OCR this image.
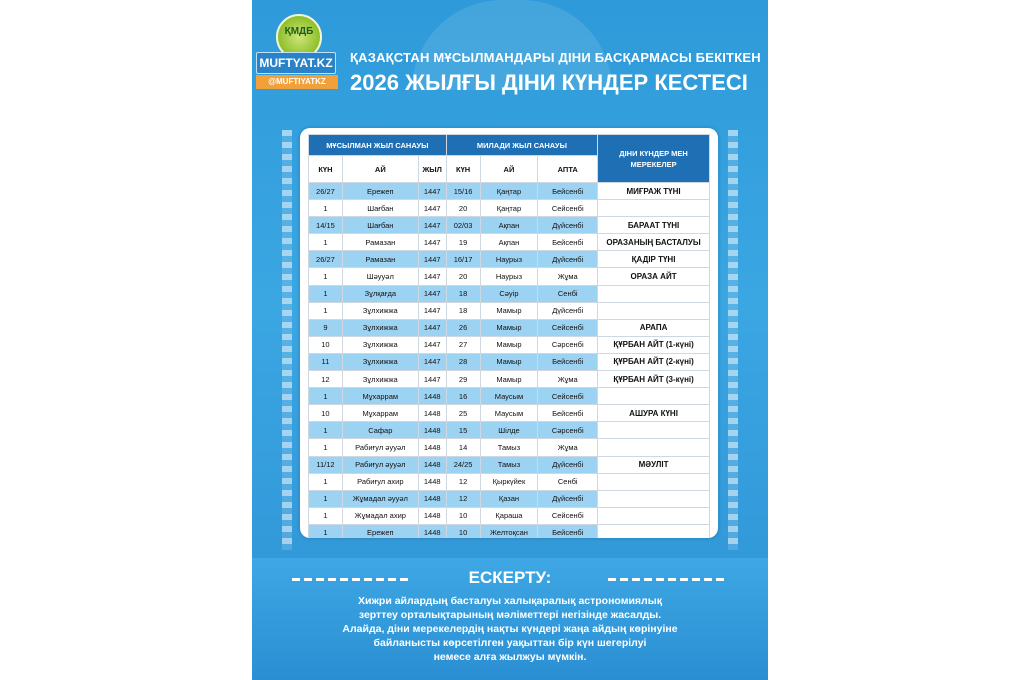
ҚМДБ
MUFTYAT.KZ
@MUFTIYATKZ
ҚАЗАҚСТАН МҰСЫЛМАНДАРЫ ДІНИ БАСҚАРМАСЫ БЕКІТКЕН
2026 ЖЫЛҒЫ ДІНИ КҮНДЕР КЕСТЕСІ
МҰСЫЛМАН ЖЫЛ САНАУЫ			МИЛАДИ ЖЫЛ САНАУЫ			ДІНИ КҮНДЕР МЕН МЕРЕКЕЛЕР
КҮН	АЙ	ЖЫЛ	КҮН	АЙ	АПТА	
26/27	Ережеп	1447	15/16	Қаңтар	Бейсенбі	МИҒРАЖ ТҮНІ
1	Шағбан	1447	20	Қаңтар	Сейсенбі	
14/15	Шағбан	1447	02/03	Ақпан	Дүйсенбі	БАРААТ ТҮНІ
1	Рамазан	1447	19	Ақпан	Бейсенбі	ОРАЗАНЫҢ БАСТАЛУЫ
26/27	Рамазан	1447	16/17	Наурыз	Дүйсенбі	ҚАДІР ТҮНІ
1	Шәууәл	1447	20	Наурыз	Жұма	ОРАЗА АЙТ
1	Зұлқағда	1447	18	Сәуір	Сенбі	
1	Зұлхижжа	1447	18	Мамыр	Дүйсенбі	
9	Зұлхижжа	1447	26	Мамыр	Сейсенбі	АРАПА
10	Зұлхижжа	1447	27	Мамыр	Сәрсенбі	ҚҰРБАН АЙТ (1-күні)
11	Зұлхижжа	1447	28	Мамыр	Бейсенбі	ҚҰРБАН АЙТ (2-күні)
12	Зұлхижжа	1447	29	Мамыр	Жұма	ҚҰРБАН АЙТ (3-күні)
1	Мұхаррам	1448	16	Маусым	Сейсенбі	
10	Мұхаррам	1448	25	Маусым	Бейсенбі	АШУРА КҮНІ
1	Сафар	1448	15	Шілде	Сәрсенбі	
1	Рабиғул әууәл	1448	14	Тамыз	Жұма	
11/12	Рабиғул әууәл	1448	24/25	Тамыз	Дүйсенбі	МӘУЛІТ
1	Рабиғул ахир	1448	12	Қыркүйек	Сенбі	
1	Жұмадал әууәл	1448	12	Қазан	Дүйсенбі	
1	Жұмадал ахир	1448	10	Қараша	Сейсенбі	
1	Ережеп	1448	10	Желтоқсан	Бейсенбі	
ЕСКЕРТУ:
Хижри айлардың басталуы халықаралық астрономиялық
зерттеу орталықтарының мәліметтері негізінде жасалды.
Алайда, діни мерекелердің нақты күндері жаңа айдың көрінуіне
байланысты көрсетілген уақыттан бір күн шегерілуі
немесе алға жылжуы мүмкін.
